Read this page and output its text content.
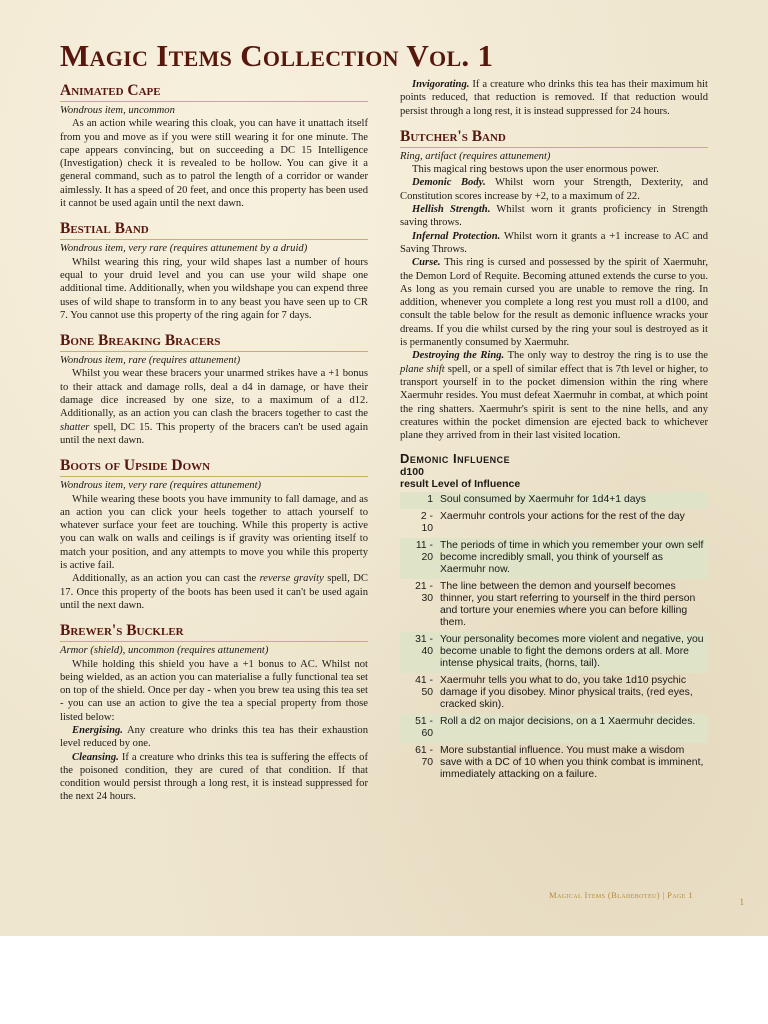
Magic Items Collection Vol. 1
Animated Cape

Wondrous item, uncommon

As an action while wearing this cloak, you can have it unattach itself from you and move as if you were still wearing it for one minute. The cape appears convincing, but on succeeding a DC 15 Intelligence (Investigation) check it is revealed to be hollow. You can give it a general command, such as to patrol the length of a corridor or wander aimlessly. It has a speed of 20 feet, and once this property has been used it cannot be used again until the next dawn.

Bestial Band

Wondrous item, very rare (requires attunement by a druid)

Whilst wearing this ring, your wild shapes last a number of hours equal to your druid level and you can use your wild shape one additional time. Additionally, when you wildshape you can expend three uses of wild shape to transform in to any beast you have seen up to CR 7. You cannot use this property of the ring again for 7 days.

Bone Breaking Bracers

Wondrous item, rare (requires attunement)

Whilst you wear these bracers your unarmed strikes have a +1 bonus to their attack and damage rolls, deal a d4 in damage, or have their damage dice increased by one size, to a maximum of a d12. Additionally, as an action you can clash the bracers together to cast the shatter spell, DC 15. This property of the bracers can't be used again until the next dawn.

Boots of Upside Down

Wondrous item, very rare (requires attunement)

While wearing these boots you have immunity to fall damage, and as an action you can click your heels together to attach yourself to whatever surface your feet are touching. While this property is active you can walk on walls and ceilings is if gravity was orienting itself to match your position, and any attempts to move you while this property is active fail.

Additionally, as an action you can cast the reverse gravity spell, DC 17. Once this property of the boots has been used it can't be used again until the next dawn.

Brewer's Buckler

Armor (shield), uncommon (requires attunement)

While holding this shield you have a +1 bonus to AC. Whilst not being wielded, as an action you can materialise a fully functional tea set on top of the shield. Once per day - when you brew tea using this tea set - you can use an action to give the tea a special property from those listed below:

Energising. Any creature who drinks this tea has their exhaustion level reduced by one.

Cleansing. If a creature who drinks this tea is suffering the effects of the poisoned condition, they are cured of that condition. If that condition would persist through a long rest, it is instead suppressed for the next 24 hours.

Invigorating. If a creature who drinks this tea has their maximum hit points reduced, that reduction is removed. If that reduction would persist through a long rest, it is instead suppressed for 24 hours.

Butcher's Band

Ring, artifact (requires attunement)

This magical ring bestows upon the user enormous power.

Demonic Body. Whilst worn your Strength, Dexterity, and Constitution scores increase by +2, to a maximum of 22.

Hellish Strength. Whilst worn it grants proficiency in Strength saving throws.

Infernal Protection. Whilst worn it grants a +1 increase to AC and Saving Throws.

Curse. This ring is cursed and possessed by the spirit of Xaermuhr, the Demon Lord of Requite. Becoming attuned extends the curse to you. As long as you remain cursed you are unable to remove the ring. In addition, whenever you complete a long rest you must roll a d100, and consult the table below for the result as demonic influence wracks your dreams. If you die whilst cursed by the ring your soul is destroyed as it is permanently consumed by Xaermuhr.

Destroying the Ring. The only way to destroy the ring is to use the plane shift spell, or a spell of similar effect that is 7th level or higher, to transport yourself in to the pocket dimension within the ring where Xaermuhr resides. You must defeat Xaermuhr in combat, at which point the ring shatters. Xaermuhr's spirit is sent to the nine hells, and any creatures within the pocket dimension are ejected back to whichever plane they arrived from in their last visited location.

Demonic Influence
d100
result Level of Influence
1	Soul consumed by Xaermuhr for 1d4+1 days
2 -
10	Xaermuhr controls your actions for the rest of the day
11 -
20	The periods of time in which you remember your own self become incredibly small, you think of yourself as Xaermuhr now.
21 -
30	The line between the demon and yourself becomes thinner, you start referring to yourself in the third person and torture your enemies where you can before killing them.
31 -
40	Your personality becomes more violent and negative, you become unable to fight the demons orders at all. More intense physical traits, (horns, tail).
41 -
50	Xaermuhr tells you what to do, you take 1d10 psychic damage if you disobey. Minor physical traits, (red eyes, cracked skin).
51 -
60	Roll a d2 on major decisions, on a 1 Xaermuhr decides.
61 -
70	More substantial influence. You must make a wisdom save with a DC of 10 when you think combat is imminent, immediately attacking on a failure.
Magical Items (Bladeboteu) | Page 1
1
